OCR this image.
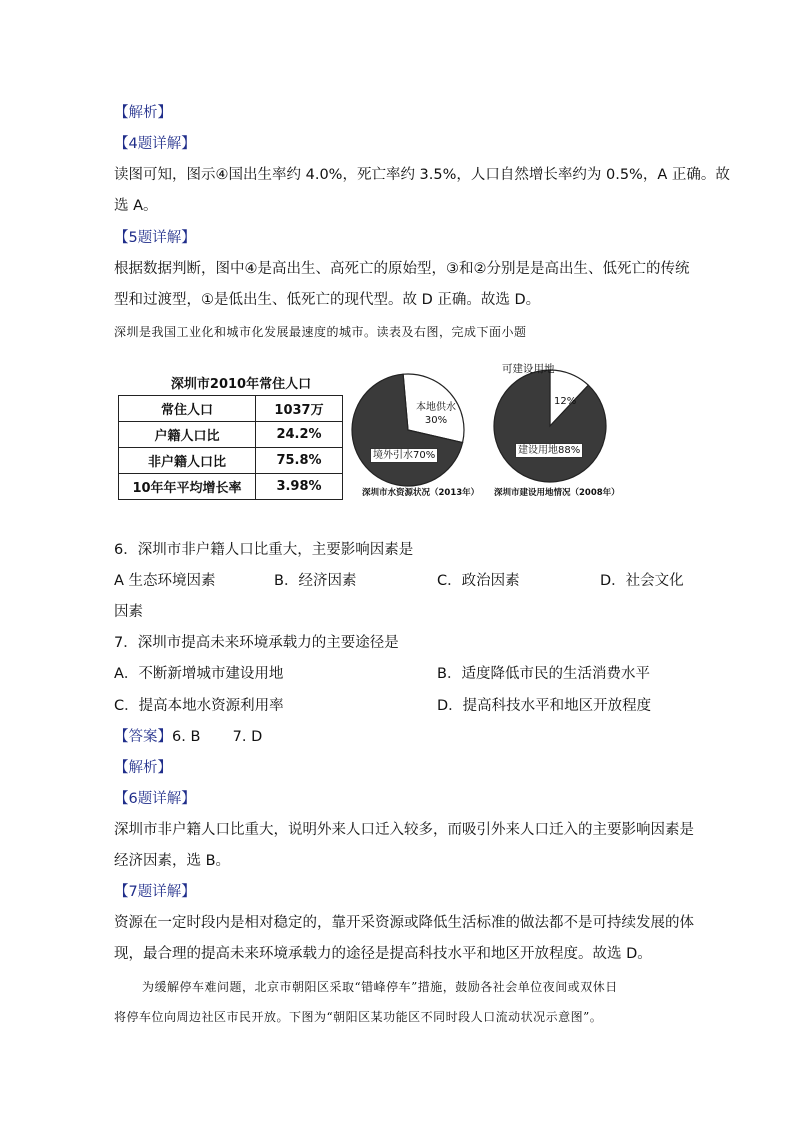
【解析】
【4题详解】
读图可知，图示④国出生率约 4.0%，死亡率约 3.5%，人口自然增长率约为 0.5%，A 正确。故
选 A。
【5题详解】
根据数据判断，图中④是高出生、高死亡的原始型，③和②分别是是高出生、低死亡的传统
型和过渡型，①是低出生、低死亡的现代型。故 D 正确。故选 D。
深圳是我国工业化和城市化发展最速度的城市。读表及右图，完成下面小题
深圳市2010年常住人口
常住人口	1037万
户籍人口比	24.2%
非户籍人口比	75.8%
10年年平均增长率	3.98%	深圳市水资源状况（2013年） 深圳市建设用地情况（2008年）
可建设用地
本地供水
30%
境外引水70%
12%
建设用地88%
6．深圳市非户籍人口比重大，主要影响因素是
A 生态环境因素	B．经济因素	C．政治因素	D．社会文化
因素
7．深圳市提高未来环境承载力的主要途径是
A．不断新增城市建设用地	B．适度降低市民的生活消费水平
C．提高本地水资源利用率	D．提高科技水平和地区开放程度
【答案】6. B       7. D
【解析】
【6题详解】
深圳市非户籍人口比重大，说明外来人口迁入较多，而吸引外来人口迁入的主要影响因素是
经济因素，选 B。
【7题详解】
资源在一定时段内是相对稳定的，靠开采资源或降低生活标准的做法都不是可持续发展的体
现，最合理的提高未来环境承载力的途径是提高科技水平和地区开放程度。故选 D。
为缓解停车难问题，北京市朝阳区采取“错峰停车”措施，鼓励各社会单位夜间或双休日
将停车位向周边社区市民开放。下图为“朝阳区某功能区不同时段人口流动状况示意图”。
